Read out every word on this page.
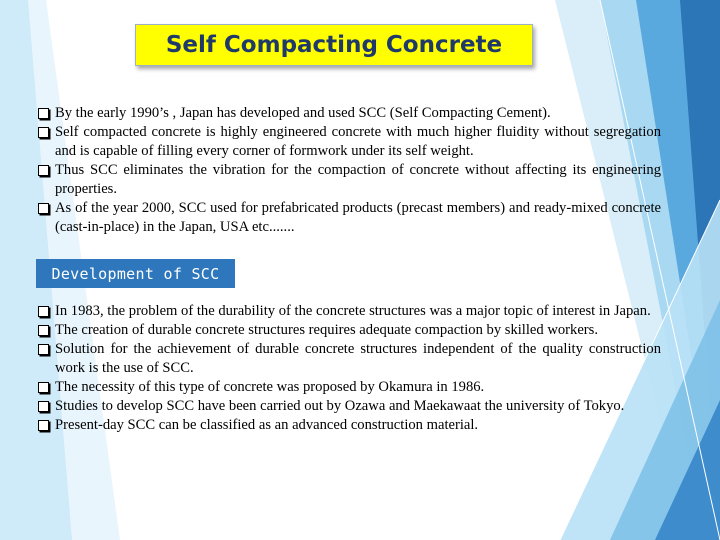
Self Compacting Concrete
By the early 1990’s , Japan has developed and used SCC (Self Compacting Cement).
Self compacted concrete is highly engineered concrete with much higher fluidity without segregation and is capable of filling every corner of formwork under its self weight.
Thus SCC eliminates the vibration for the compaction of concrete without affecting its engineering properties.
As of the year 2000, SCC used for prefabricated products (precast members) and ready-mixed concrete (cast-in-place) in the Japan, USA etc.......
Development of SCC
In 1983, the problem of the durability of the concrete structures was a major topic of interest in Japan.
The creation of durable concrete structures requires adequate compaction by skilled workers.
Solution for the achievement of durable concrete structures independent of the quality construction work is the use of SCC.
The necessity of this type of concrete was proposed by Okamura in 1986.
Studies to develop SCC have been carried out by Ozawa and Maekawaat the university of Tokyo.
Present-day SCC can be classified as an advanced construction material.
